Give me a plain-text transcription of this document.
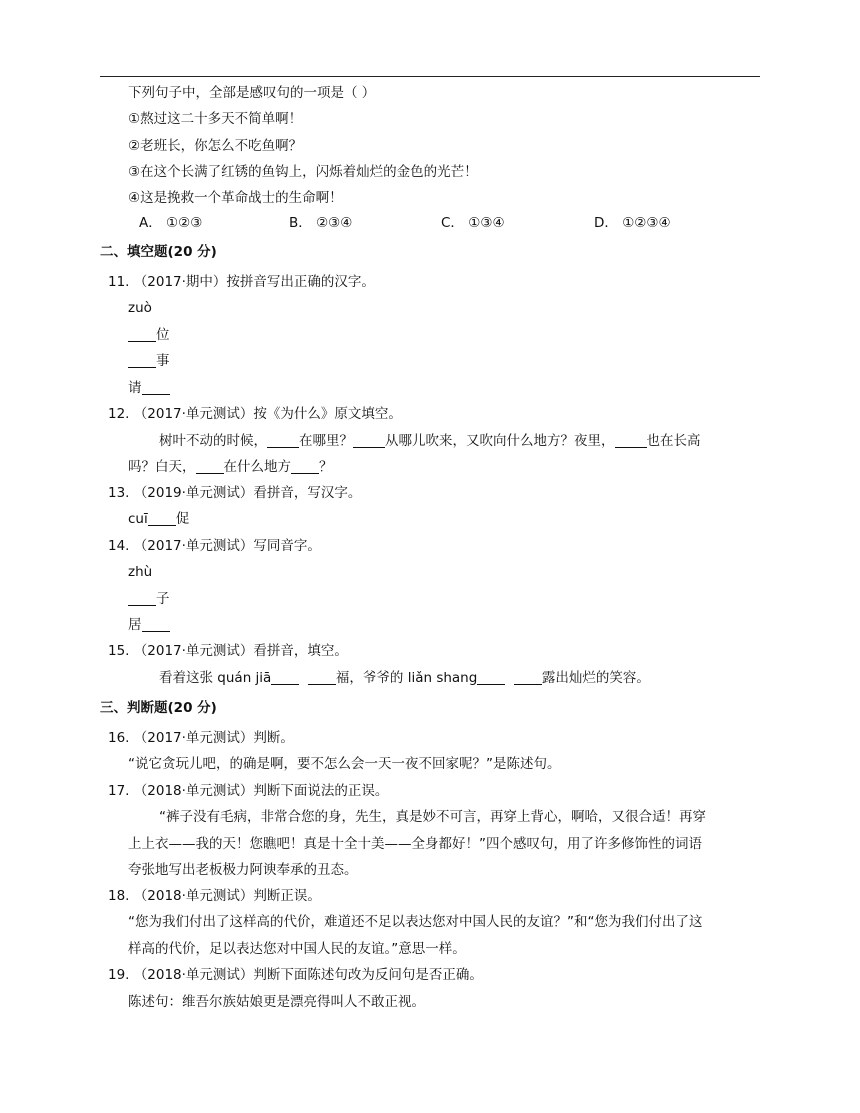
下列句子中，全部是感叹句的一项是（ ）
①熬过这二十多天不简单啊！
②老班长，你怎么不吃鱼啊？
③在这个长满了红锈的鱼钩上，闪烁着灿烂的金色的光芒！
④这是挽救一个革命战士的生命啊！
A． ①②③	B． ②③④	C． ①③④	D． ①②③④
二、填空题(20 分)
11. （2017·期中）按拼音写出正确的汉字。
zuò
位
事
请
12. （2017·单元测试）按《为什么》原文填空。
树叶不动的时候， 在哪里？ 从哪儿吹来，又吹向什么地方？夜里， 也在长高
吗？白天， 在什么地方 ？
13. （2019·单元测试）看拼音，写汉字。
cuī 促
14. （2017·单元测试）写同音字。
zhù
子
居
15. （2017·单元测试）看拼音，填空。
看着这张 quán jiā	福，爷爷的 liǎn shang	露出灿烂的笑容。
三、判断题(20 分)
16. （2017·单元测试）判断。
“说它贪玩儿吧，的确是啊，要不怎么会一天一夜不回家呢？”是陈述句。
17. （2018·单元测试）判断下面说法的正误。
“裤子没有毛病，非常合您的身，先生，真是妙不可言，再穿上背心，啊哈，又很合适！再穿
上上衣——我的天！您瞧吧！真是十全十美——全身都好！”四个感叹句，用了许多修饰性的词语
夸张地写出老板极力阿谀奉承的丑态。
18. （2018·单元测试）判断正误。
“您为我们付出了这样高的代价，难道还不足以表达您对中国人民的友谊？”和“您为我们付出了这
样高的代价，足以表达您对中国人民的友谊。”意思一样。
19. （2018·单元测试）判断下面陈述句改为反问句是否正确。
陈述句：维吾尔族姑娘更是漂亮得叫人不敢正视。
